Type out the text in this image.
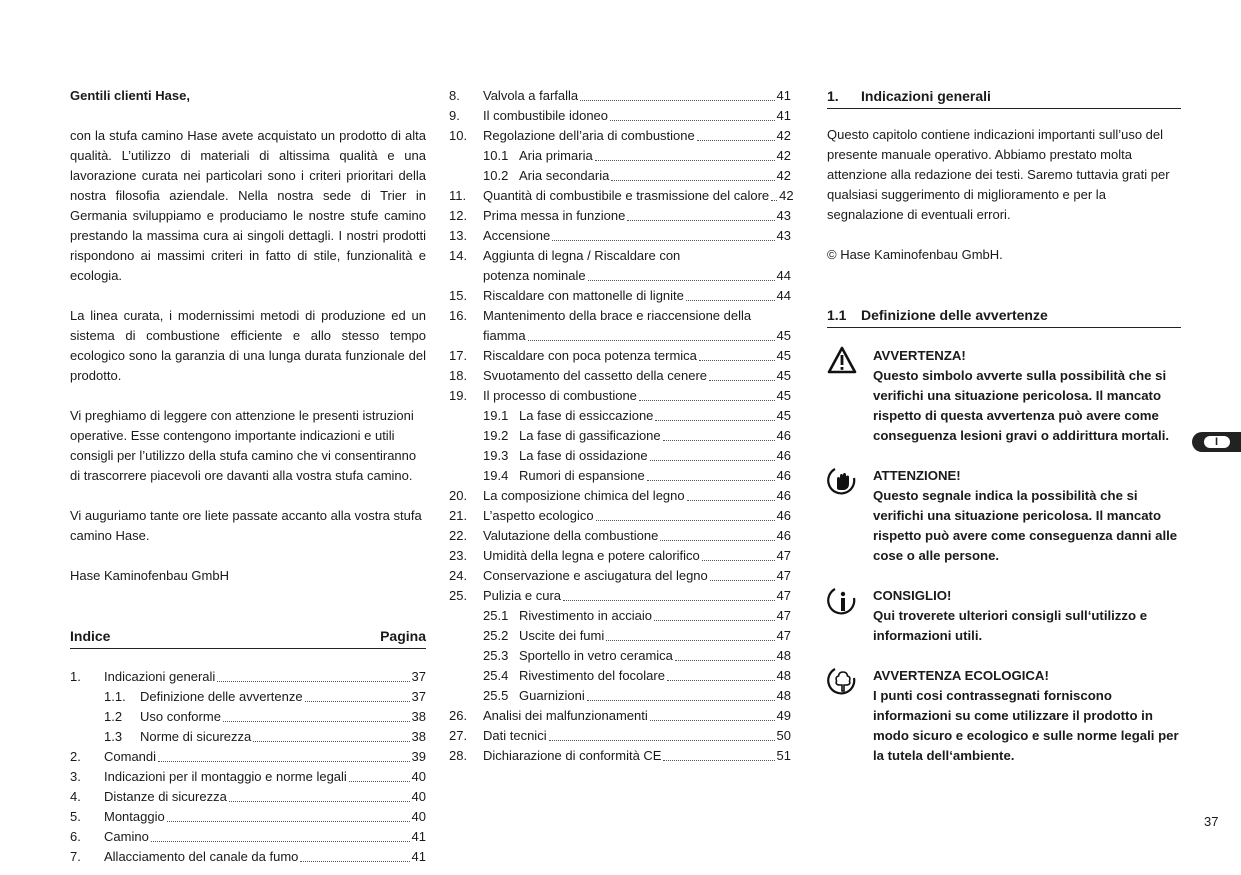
Gentili clienti Hase,

con la stufa camino Hase avete acquistato un prodotto di alta qualità. L’utilizzo di materiali di altissima qualità e una lavorazione curata nei particolari sono i criteri prioritari della nostra filosofia aziendale. Nella nostra sede di Trier in Germania sviluppiamo e produciamo le nostre stufe camino prestando la massima cura ai singoli dettagli. I nostri prodotti rispondono ai massimi criteri in fatto di stile, funzionalità e ecologia.

La linea curata, i modernissimi metodi di produzione ed un sistema di combustione efficiente e allo stesso tempo ecologico sono la garanzia di una lunga durata funzionale del prodotto.

Vi preghiamo di leggere con attenzione le presenti istruzioni operative. Esse contengono importante indicazioni e utili consigli per l’utilizzo della stufa camino che vi consentiranno di trascorrere piacevoli ore davanti alla vostra stufa camino.

Vi auguriamo tante ore liete passate accanto alla vostra stufa camino Hase.

Hase Kaminofenbau GmbH

Indice	Pagina
1.	Indicazioni generali	37
1.1.	Definizione delle avvertenze	37
1.2	Uso conforme	38
1.3	Norme di sicurezza	38
2.	Comandi	39
3.	Indicazioni per il montaggio e norme legali	40
4.	Distanze di sicurezza	40
5.	Montaggio	40
6.	Camino	41
7.	Allacciamento del canale da fumo	41
8.	Valvola a farfalla	41
9.	Il combustibile idoneo	41
10.	Regolazione dell’aria di combustione	42
10.1 Aria primaria	42
10.2 Aria secondaria	42
11.	Quantità di combustibile e trasmissione del calore 42
12.	Prima messa in funzione	43
13.	Accensione	43
14.	Aggiunta di legna / Riscaldare con
potenza nominale	44
15.	Riscaldare con mattonelle di lignite	44
16.	Mantenimento della brace e riaccensione della
fiamma	45
17.	Riscaldare con poca potenza termica	45
18.	Svuotamento del cassetto della cenere	45
19.	Il processo di combustione	45
19.1 La fase di essiccazione	45
19.2 La fase di gassificazione	46
19.3 La fase di ossidazione	46
19.4 Rumori di espansione	46
20.	La composizione chimica del legno	46
21.	L’aspetto ecologico	46
22.	Valutazione della combustione	46
23.	Umidità della legna e potere calorifico	47
24.	Conservazione e asciugatura del legno	47
25.	Pulizia e cura	47
25.1 Rivestimento in acciaio	47
25.2 Uscite dei fumi	47
25.3 Sportello in vetro ceramica	48
25.4 Rivestimento del focolare	48
25.5 Guarnizioni	48
26.	Analisi dei malfunzionamenti	49
27.	Dati tecnici	50
28.	Dichiarazione di conformità CE	51
1.	Indicazioni generali

Questo capitolo contiene indicazioni importanti sull’uso del presente manuale operativo. Abbiamo prestato molta attenzione alla redazione dei testi. Saremo tuttavia grati per qualsiasi suggerimento di miglioramento e per la segnalazione di eventuali errori.

© Hase Kaminofenbau GmbH.

1.1	Definizione delle avvertenze
AVVERTENZA!
Questo simbolo avverte sulla possibilità che si verifichi una situazione pericolosa. Il mancato rispetto di questa avvertenza può avere come conseguenza lesioni gravi o addirittura mortali.
ATTENZIONE!
Questo segnale indica la possibilità che si verifichi una situazione pericolosa. Il mancato rispetto può avere come conseguenza danni alle cose o alle persone.
CONSIGLIO!
Qui troverete ulteriori consigli sull‘utilizzo e informazioni utili.
AVVERTENZA ECOLOGICA!
I punti cosi contrassegnati forniscono informazioni su come utilizzare il prodotto in modo sicuro e ecologico e sulle norme legali per la tutela dell‘ambiente.
I
37
